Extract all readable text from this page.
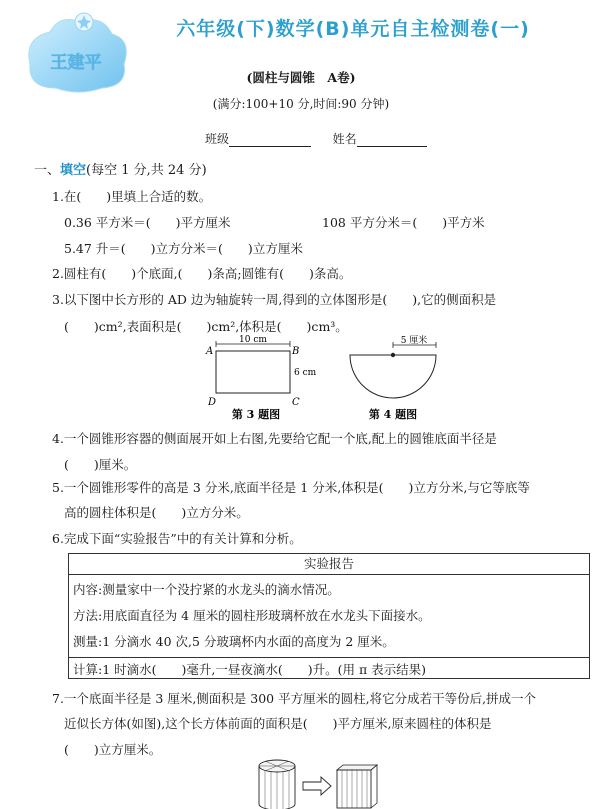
王建平
六年级(下)数学(B)单元自主检测卷(一)
(圆柱与圆锥　A卷)
(满分:100+10 分,时间:90 分钟)
班级	姓名
一、填空(每空 1 分,共 24 分)
1.在(　　)里填上合适的数。
0.36 平方米＝(　　)平方厘米	108 平方分米＝(　　)平方米
5.47 升＝(　　)立方分米＝(　　)立方厘米
2.圆柱有(　　)个底面,(　　)条高;圆锥有(　　)条高。
3.以下图中长方形的 AD 边为轴旋转一周,得到的立体图形是(　　),它的侧面积是
(　　)cm²,表面积是(　　)cm²,体积是(　　)cm³。
10 cm
6 cm
A	B
C
D
第 3 题图
5 厘米
第 4 题图
4.一个圆锥形容器的侧面展开如上右图,先要给它配一个底,配上的圆锥底面半径是
(　　)厘米。
5.一个圆锥形零件的高是 3 分米,底面半径是 1 分米,体积是(　　)立方分米,与它等底等
高的圆柱体积是(　　)立方分米。
6.完成下面“实验报告”中的有关计算和分析。
实验报告
内容:测量家中一个没拧紧的水龙头的滴水情况。
方法:用底面直径为 4 厘米的圆柱形玻璃杯放在水龙头下面接水。
测量:1 分滴水 40 次,5 分玻璃杯内水面的高度为 2 厘米。
计算:1 时滴水(　　)毫升,一昼夜滴水(　　)升。(用 π 表示结果)
7.一个底面半径是 3 厘米,侧面积是 300 平方厘米的圆柱,将它分成若干等份后,拼成一个
近似长方体(如图),这个长方体前面的面积是(　　)平方厘米,原来圆柱的体积是
(　　)立方厘米。
